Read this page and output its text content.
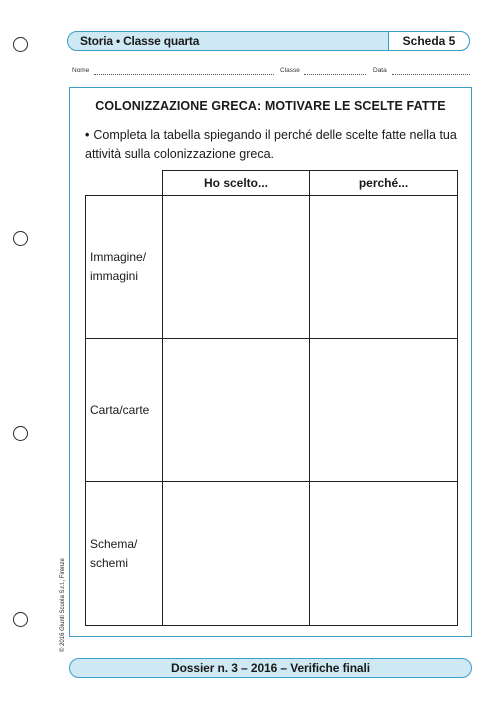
Storia • Classe quarta	Scheda 5
Nome	Classe	Data
COLONIZZAZIONE GRECA: MOTIVARE LE SCELTE FATTE
• Completa la tabella spiegando il perché delle scelte fatte nella tua attività sulla colonizzazione greca.
	Ho scelto...	perché...
Immagine/
immagini		
Carta/carte		
Schema/
schemi		
© 2016 Giunti Scuola S.r.l., Firenze
Dossier n. 3 – 2016 – Verifiche finali
